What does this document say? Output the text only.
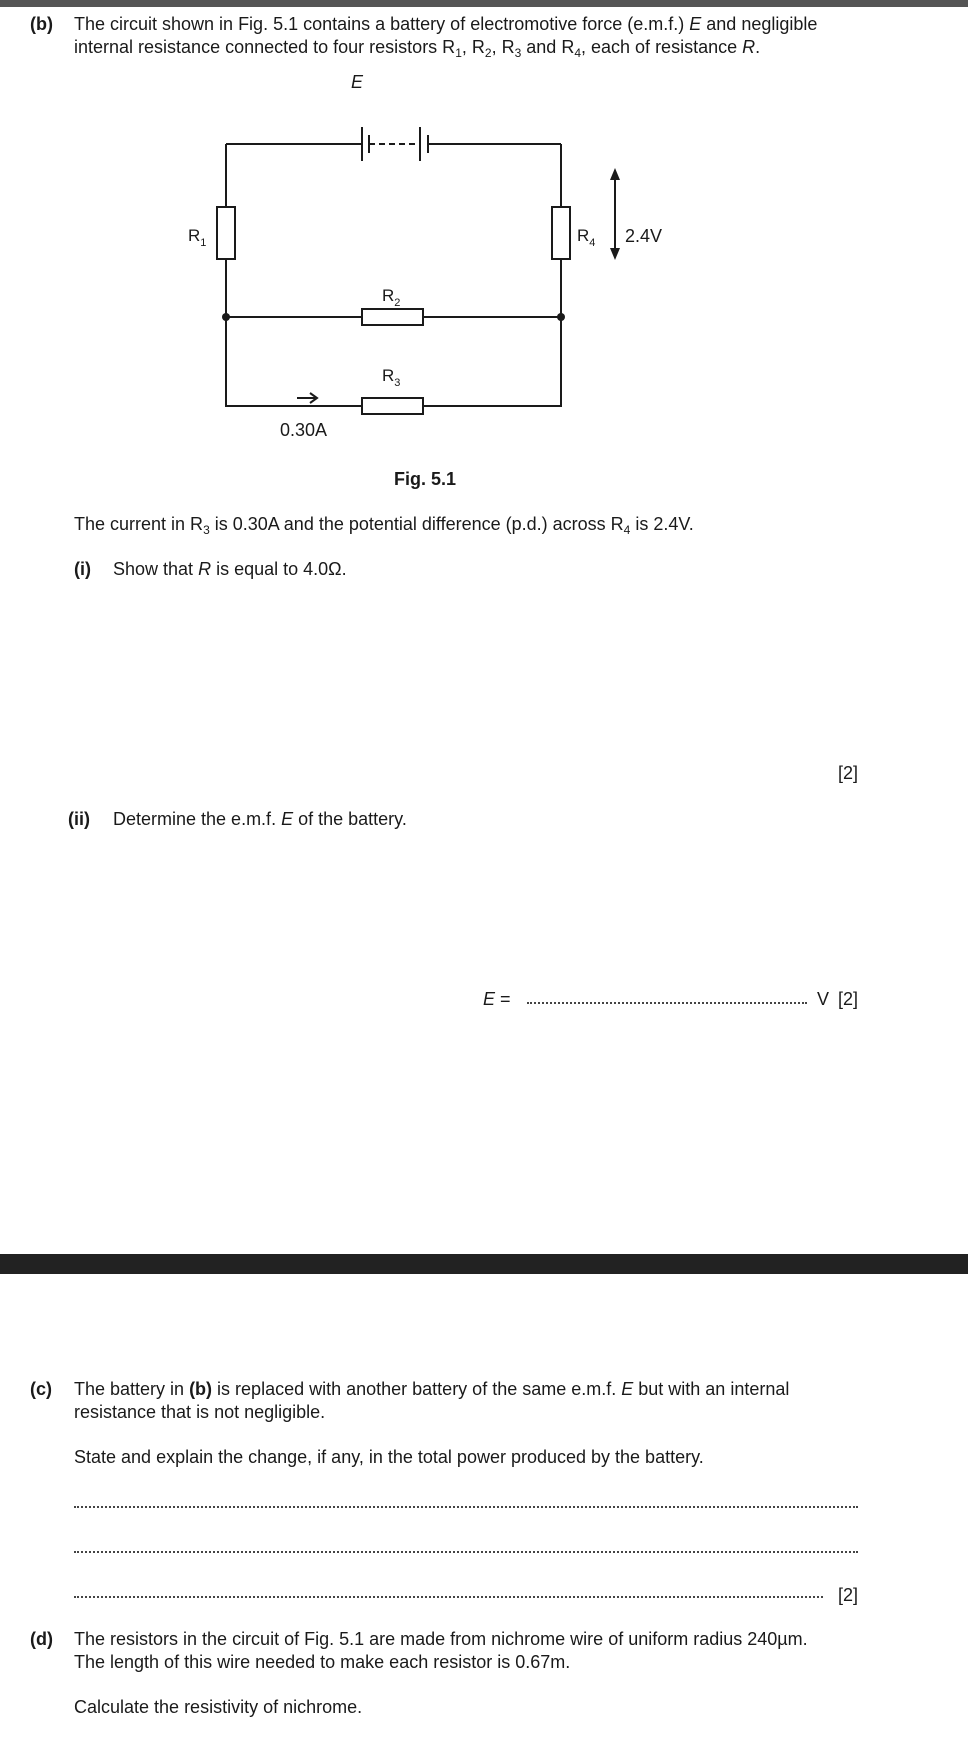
(b) The circuit shown in Fig. 5.1 contains a battery of electromotive force (e.m.f.) E and negligible
internal resistance connected to four resistors $R_1$, $R_2$, $R_3$ and $R_4$, each of resistance R.
E
$R_1$	$R_4$ 2.4V
$R_2$
$R_3$
0.30A
Fig. 5.1
The current in $R_3$ is 0.30A and the potential difference (p.d.) across $R_4$ is 2.4V.
(i) Show that R is equal to 4.0Ω.
[2]
(ii) Determine the e.m.f. E of the battery.
E =	V [2]
(c) The battery in (b) is replaced with another battery of the same e.m.f. E but with an internal
resistance that is not negligible.
State and explain the change, if any, in the total power produced by the battery.
[2]
(d) The resistors in the circuit of Fig. 5.1 are made from nichrome wire of uniform radius 240µm.
The length of this wire needed to make each resistor is 0.67m.
Calculate the resistivity of nichrome.
